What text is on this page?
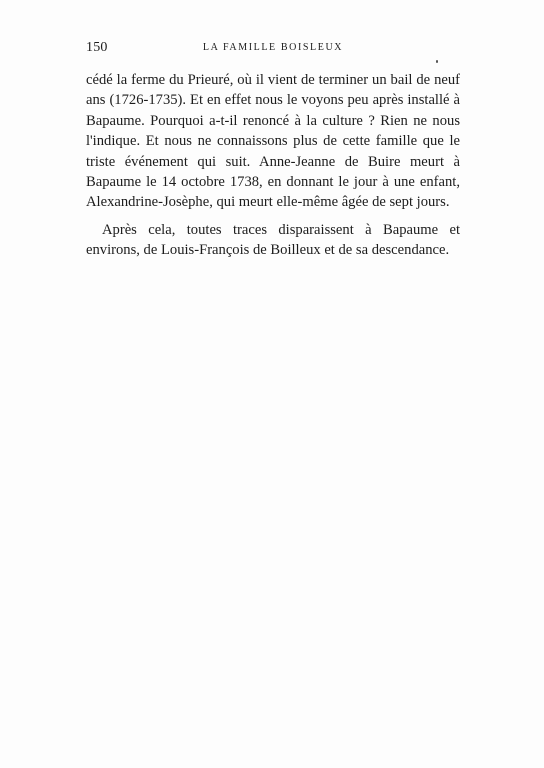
150	LA FAMILLE BOISLEUX

cédé la ferme du Prieuré, où il vient de terminer un bail de neuf ans (1726-1735). Et en effet nous le voyons peu après installé à Bapaume. Pourquoi a-t-il renoncé à la culture ? Rien ne nous l'indique. Et nous ne connaissons plus de cette famille que le triste événement qui suit. Anne-Jeanne de Buire meurt à Bapaume le 14 octobre 1738, en donnant le jour à une enfant, Alexandrine-Josèphe, qui meurt elle-même âgée de sept jours.

Après cela, toutes traces disparaissent à Bapaume et environs, de Louis-François de Boilleux et de sa descendance.
